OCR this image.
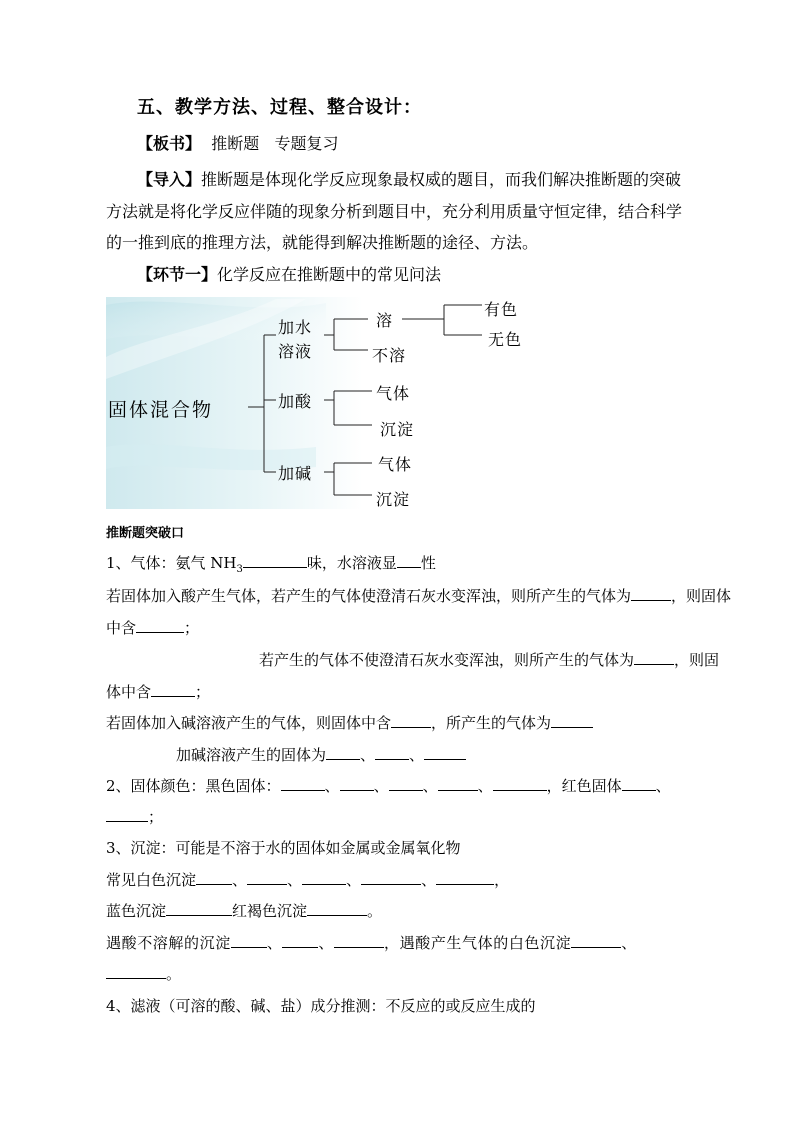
五、教学方法、过程、整合设计：
【板书】  推断题   专题复习
【导入】推断题是体现化学反应现象最权威的题目，而我们解决推断题的突破
方法就是将化学反应伴随的现象分析到题目中，充分利用质量守恒定律，结合科学
的一推到底的推理方法，就能得到解决推断题的途径、方法。
【环节一】化学反应在推断题中的常见问法
固体混合物
加水
溶液
溶
不溶
有色
无色
加酸	气体
沉淀
加碱	气体
沉淀
推断题突破口
1、气体：氨气 $NH_3$	味，水溶液显 性
若固体加入酸产生气体，若产生的气体使澄清石灰水变浑浊，则所产生的气体为	，则固体
中含	；
若产生的气体不使澄清石灰水变浑浊，则所产生的气体为	，则固
体中含	；
若固体加入碱溶液产生的气体，则固体中含	，所产生的气体为
加碱溶液产生的固体为 、 、
2、固体颜色：黑色固体：	、 、 、	、	，红色固体 、
；
3、沉淀：可能是不溶于水的固体如金属或金属氧化物
常见白色沉淀 、	、	、	、	，
蓝色沉淀	红褐色沉淀	。
遇酸不溶解的沉淀 、 、	，遇酸产生气体的白色沉淀	、
。
4、滤液（可溶的酸、碱、盐）成分推测：不反应的或反应生成的
